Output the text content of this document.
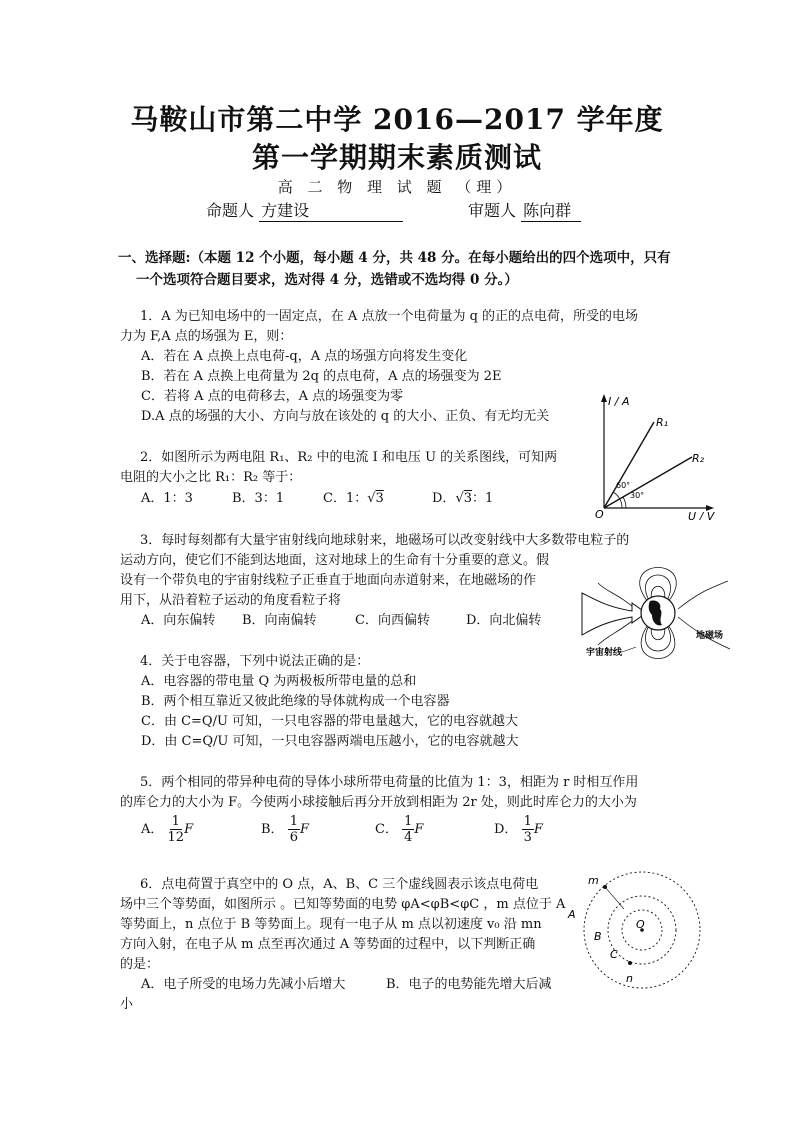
马鞍山市第二中学 2016—2017 学年度
第一学期期末素质测试
高 二 物 理 试 题 （理）
命题人 方建设	审题人 陈向群
一、选择题:（本题 12 个小题，每小题 4 分，共 48 分。在每小题给出的四个选项中，只有
一个选项符合题目要求，选对得 4 分，选错或不选均得 0 分。）
1．A 为已知电场中的一固定点，在 A 点放一个电荷量为 q 的正的点电荷，所受的电场
力为 F,A 点的场强为 E，则：
A．若在 A 点换上点电荷-q，A 点的场强方向将发生变化
B．若在 A 点换上电荷量为 2q 的点电荷，A 点的场强变为 2E
C．若将 A 点的电荷移去，A 点的场强变为零
D.A 点的场强的大小、方向与放在该处的 q 的大小、正负、有无均无关
2．如图所示为两电阻 R₁、R₂ 中的电流 I 和电压 U 的关系图线，可知两
电阻的大小之比 R₁：R₂ 等于：
A．1：3	B．3：1	C．1：√3	D．√3：1
I / A
U / V
O
R₁
R₂
60°
30°
3．每时每刻都有大量宇宙射线向地球射来，地磁场可以改变射线中大多数带电粒子的
运动方向，使它们不能到达地面，这对地球上的生命有十分重要的意义。假
设有一个带负电的宇宙射线粒子正垂直于地面向赤道射来，在地磁场的作
用下，从沿着粒子运动的角度看粒子将
A．向东偏转 B．向南偏转	C．向西偏转	D．向北偏转
地磁场
宇宙射线
4．关于电容器，下列中说法正确的是：
A．电容器的带电量 Q 为两极板所带电量的总和
B．两个相互靠近又彼此绝缘的导体就构成一个电容器
C．由 C=Q/U 可知，一只电容器的带电量越大，它的电容就越大
D．由 C=Q/U 可知，一只电容器两端电压越小，它的电容就越大
5．两个相同的带异种电荷的导体小球所带电荷量的比值为 1：3，相距为 r 时相互作用
的库仑力的大小为 F。今使两小球接触后再分开放到相距为 2r 处，则此时库仑力的大小为
A． $\frac{1}{12}$ F	B． $\frac{1}{6}$ F	C． $\frac{1}{4}$ F	D． $\frac{1}{3}$ F
6．点电荷置于真空中的 O 点，A、B、C 三个虚线圆表示该点电荷电
场中三个等势面，如图所示 。已知等势面的电势 φA<φB<φC ，m 点位于 A
等势面上，n 点位于 B 等势面上。现有一电子从 m 点以初速度 v₀ 沿 mn
方向入射，在电子从 m 点至再次通过 A 等势面的过程中，以下判断正确
的是：
A．电子所受的电场力先减小后增大	B．电子的电势能先增大后减
小
m
n
A
B
C
O
